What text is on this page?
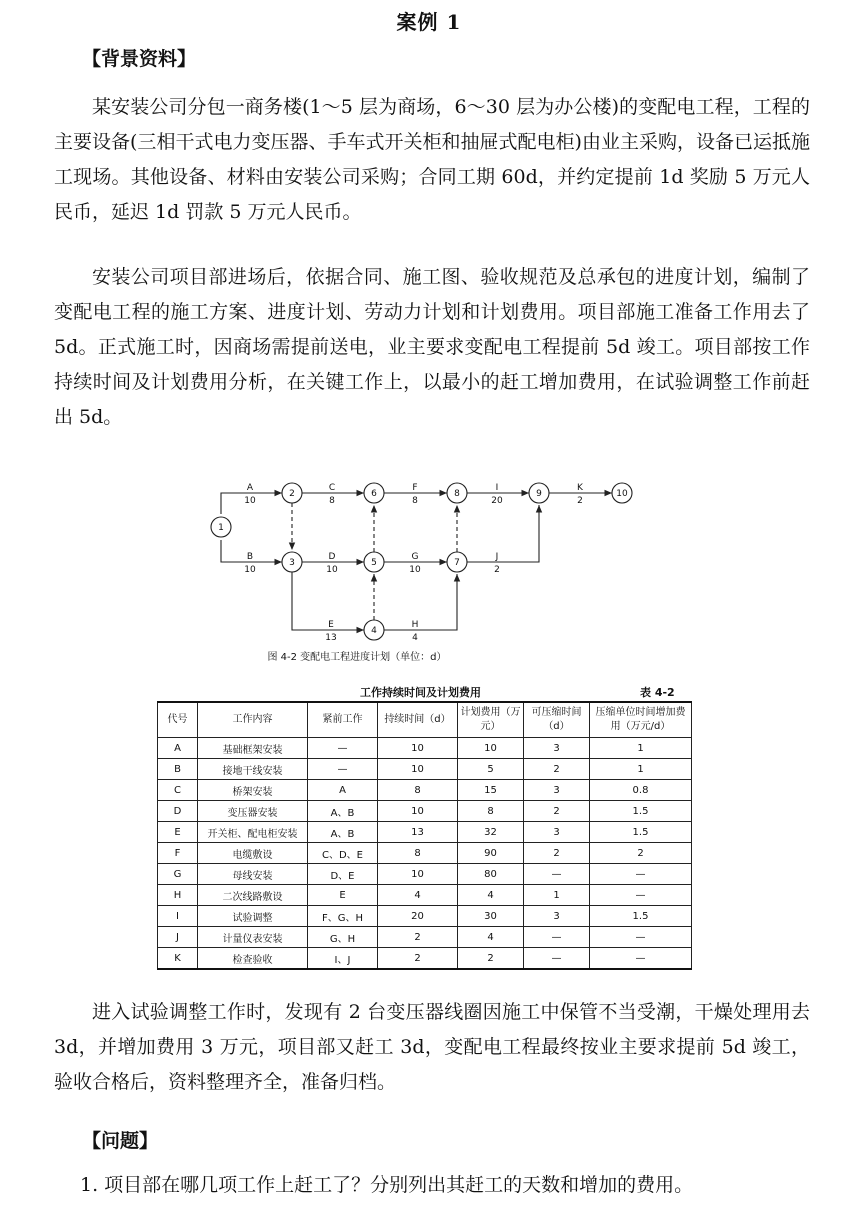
案例 1
【背景资料】

某安装公司分包一商务楼(1～5 层为商场，6～30 层为办公楼)的变配电工程，工程的主要设备(三相干式电力变压器、手车式开关柜和抽屉式配电柜)由业主采购，设备已运抵施工现场。其他设备、材料由安装公司采购；合同工期 60d，并约定提前 1d 奖励 5 万元人民币，延迟 1d 罚款 5 万元人民币。

安装公司项目部进场后，依据合同、施工图、验收规范及总承包的进度计划，编制了变配电工程的施工方案、进度计划、劳动力计划和计划费用。项目部施工准备工作用去了 5d。正式施工时，因商场需提前送电，业主要求变配电工程提前 5d 竣工。项目部按工作持续时间及计划费用分析，在关键工作上，以最小的赶工增加费用，在试验调整工作前赶出 5d。

1
2
3
4
5
6
7
8	9	10
A
10
B
10
C
8
D
10
E
13
F
8
G
10
H
4
I
20
J
2
K
2
图 4-2 变配电工程进度计划（单位：d）
工作持续时间及计划费用	表 4-2
代号	工作内容	紧前工作	持续时间（d）	计划费用（万元）	可压缩时间（d）	压缩单位时间增加费用（万元/d）
A	基础框架安装	—	10	10	3	1
B	接地干线安装	—	10	5	2	1
C	桥架安装	A	8	15	3	0.8
D	变压器安装	A、B	10	8	2	1.5
E	开关柜、配电柜安装	A、B	13	32	3	1.5
F	电缆敷设	C、D、E	8	90	2	2
G	母线安装	D、E	10	80	—	—
H	二次线路敷设	E	4	4	1	—
I	试验调整	F、G、H	20	30	3	1.5
J	计量仪表安装	G、H	2	4	—	—
K	检查验收	I、J	2	2	—	—

进入试验调整工作时，发现有 2 台变压器线圈因施工中保管不当受潮，干燥处理用去 3d，并增加费用 3 万元，项目部又赶工 3d，变配电工程最终按业主要求提前 5d 竣工，验收合格后，资料整理齐全，准备归档。

【问题】
1. 项目部在哪几项工作上赶工了？分别列出其赶工的天数和增加的费用。
